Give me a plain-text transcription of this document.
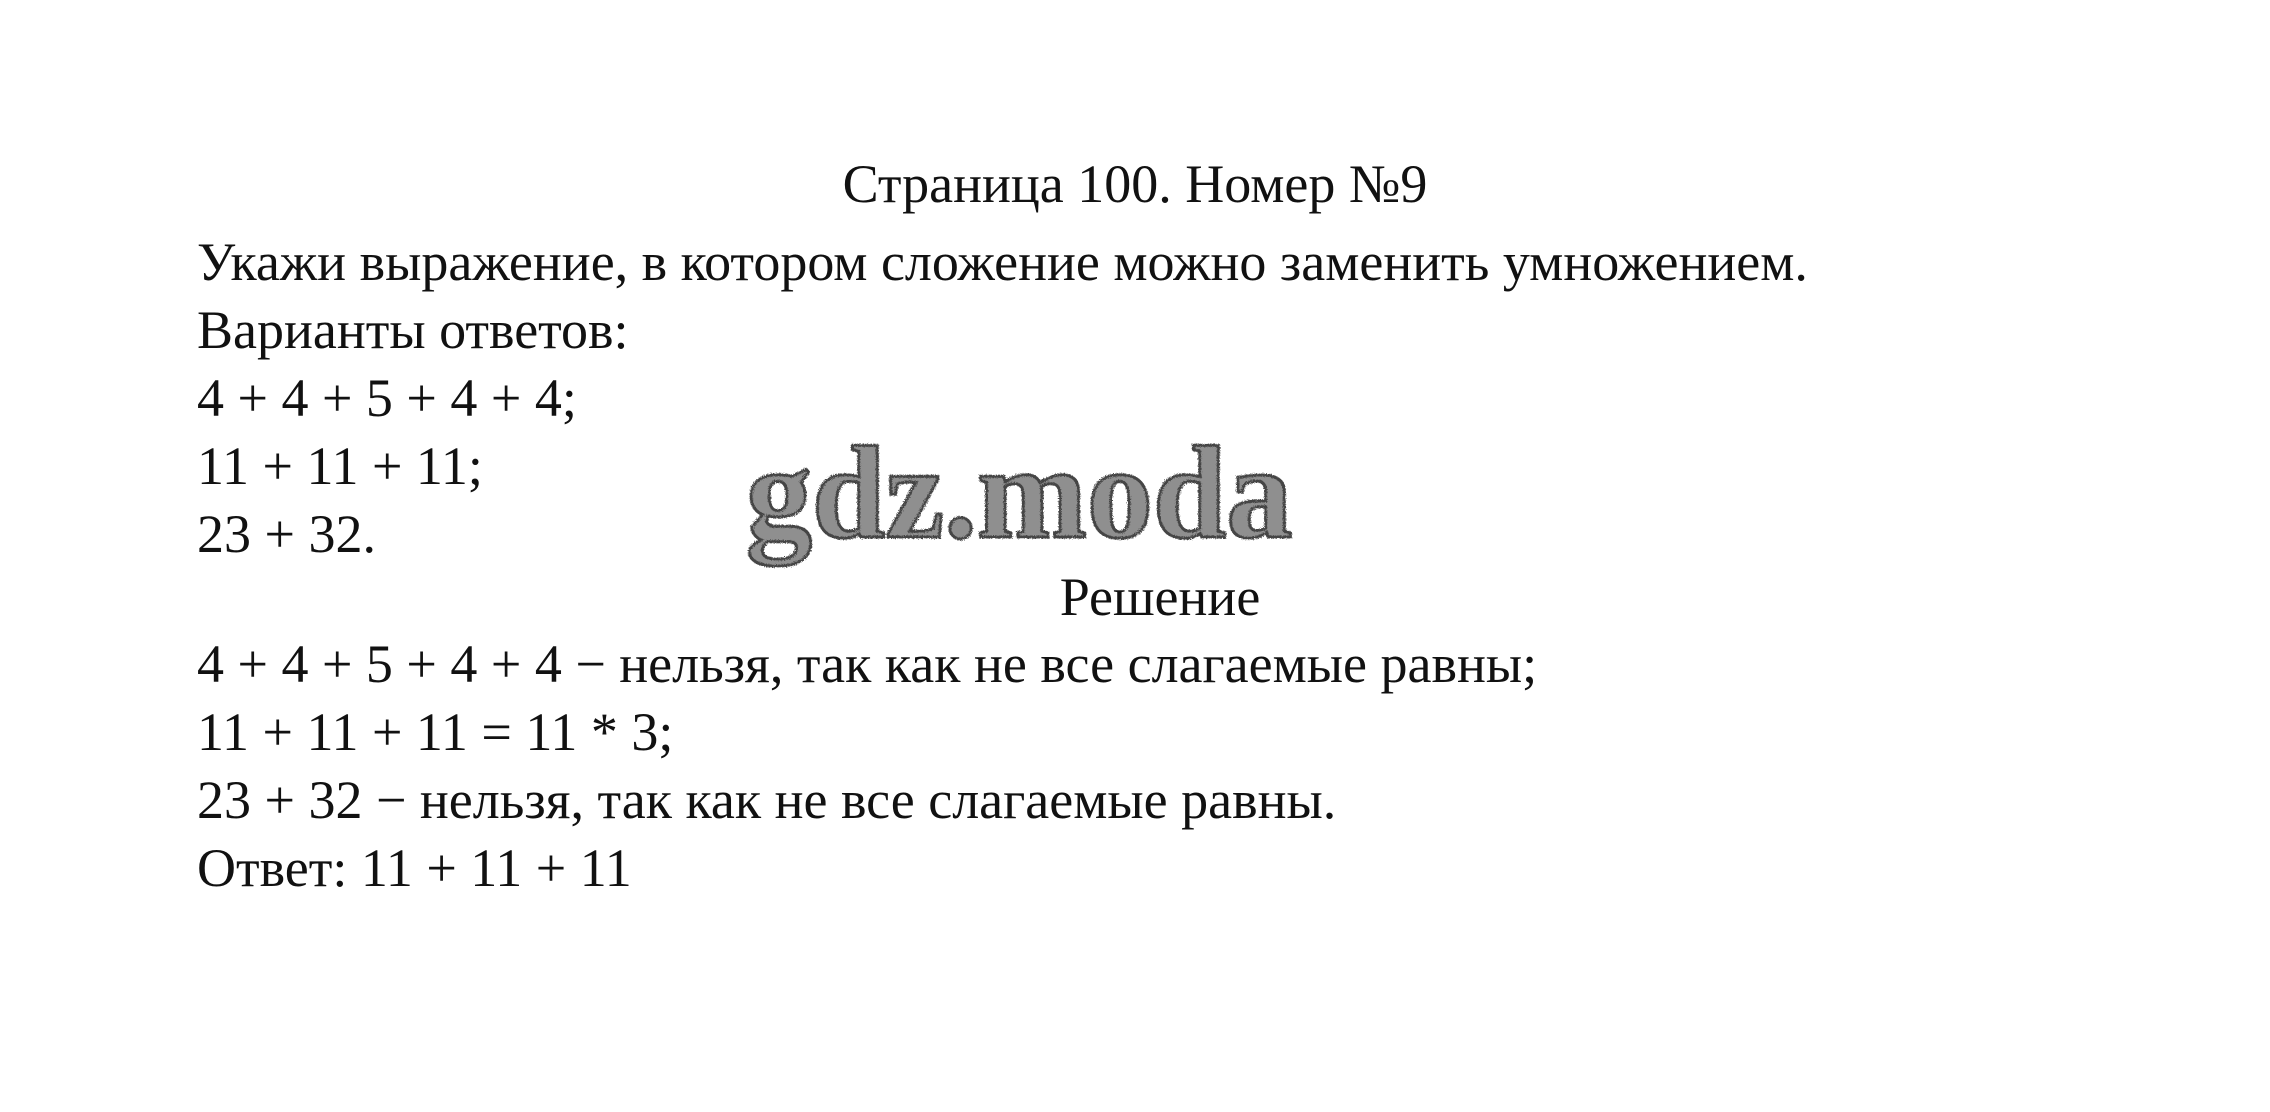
Страница 100. Номер №9
Укажи выражение, в котором сложение можно заменить умножением.
Варианты ответов:
4 + 4 + 5 + 4 + 4;
11 + 11 + 11;
23 + 32.	gdz.moda
Решение
4 + 4 + 5 + 4 + 4 − нельзя, так как не все слагаемые равны;
11 + 11 + 11 = 11 * 3;
23 + 32 − нельзя, так как не все слагаемые равны.
Ответ: 11 + 11 + 11
